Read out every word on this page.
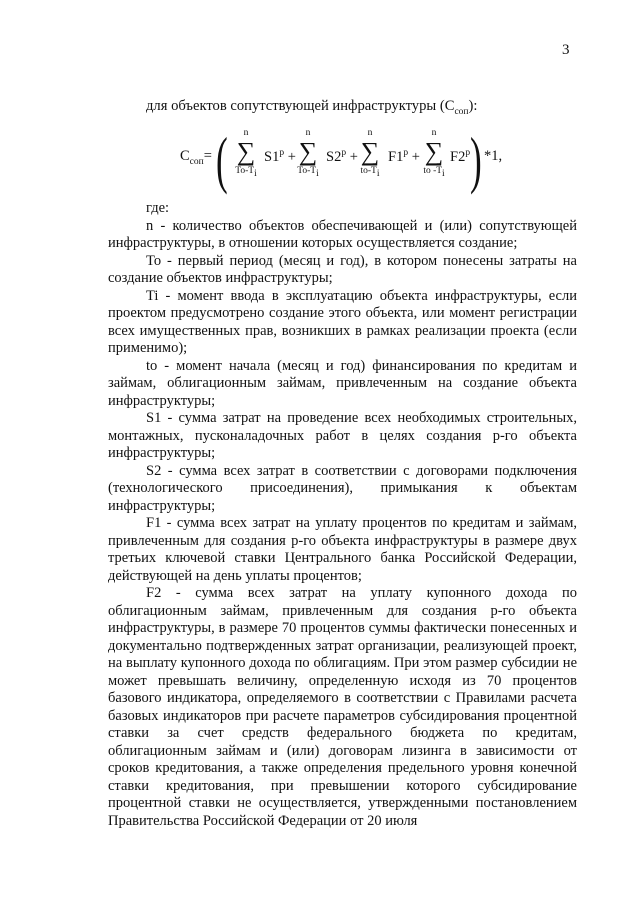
3
для объектов сопутствующей инфраструктуры $(C_{соп})$:
$C_{соп}=$ (	n
∑
$To-T_i$
$S1^p$ +
n
∑
$To-T_i$
$S2^p$ +
n
∑
$to-T_i$
$F1^p$ +
n
∑
to $-T_i$
F2$^p$ ) *1,

где:

n - количество объектов обеспечивающей и (или) сопутствующей инфраструктуры, в отношении которых осуществляется создание;

To - первый период (месяц и год), в котором понесены затраты на создание объектов инфраструктуры;

Ti - момент ввода в эксплуатацию объекта инфраструктуры, если проектом предусмотрено создание этого объекта, или момент регистрации всех имущественных прав, возникших в рамках реализации проекта (если применимо);

to - момент начала (месяц и год) финансирования по кредитам и займам, облигационным займам, привлеченным на создание объекта инфраструктуры;

S1 - сумма затрат на проведение всех необходимых строительных, монтажных, пусконаладочных работ в целях создания p-го объекта инфраструктуры;

S2 - сумма всех затрат в соответствии с договорами подключения (технологического присоединения), примыкания к объектам инфраструктуры;

F1 - сумма всех затрат на уплату процентов по кредитам и займам, привлеченным для создания p-го объекта инфраструктуры в размере двух третьих ключевой ставки Центрального банка Российской Федерации, действующей на день уплаты процентов;

F2 - сумма всех затрат на уплату купонного дохода по облигационным займам, привлеченным для создания p-го объекта инфраструктуры, в размере 70 процентов суммы фактически понесенных и документально подтвержденных затрат организации, реализующей проект, на выплату купонного дохода по облигациям. При этом размер субсидии не может превышать величину, определенную исходя из 70 процентов базового индикатора, определяемого в соответствии с Правилами расчета базовых индикаторов при расчете параметров субсидирования процентной ставки за счет средств федерального бюджета по кредитам, облигационным займам и (или) договорам лизинга в зависимости от сроков кредитования, а также определения предельного уровня конечной ставки кредитования, при превышении которого субсидирование процентной ставки не осуществляется, утвержденными постановлением Правительства Российской Федерации от 20 июля
